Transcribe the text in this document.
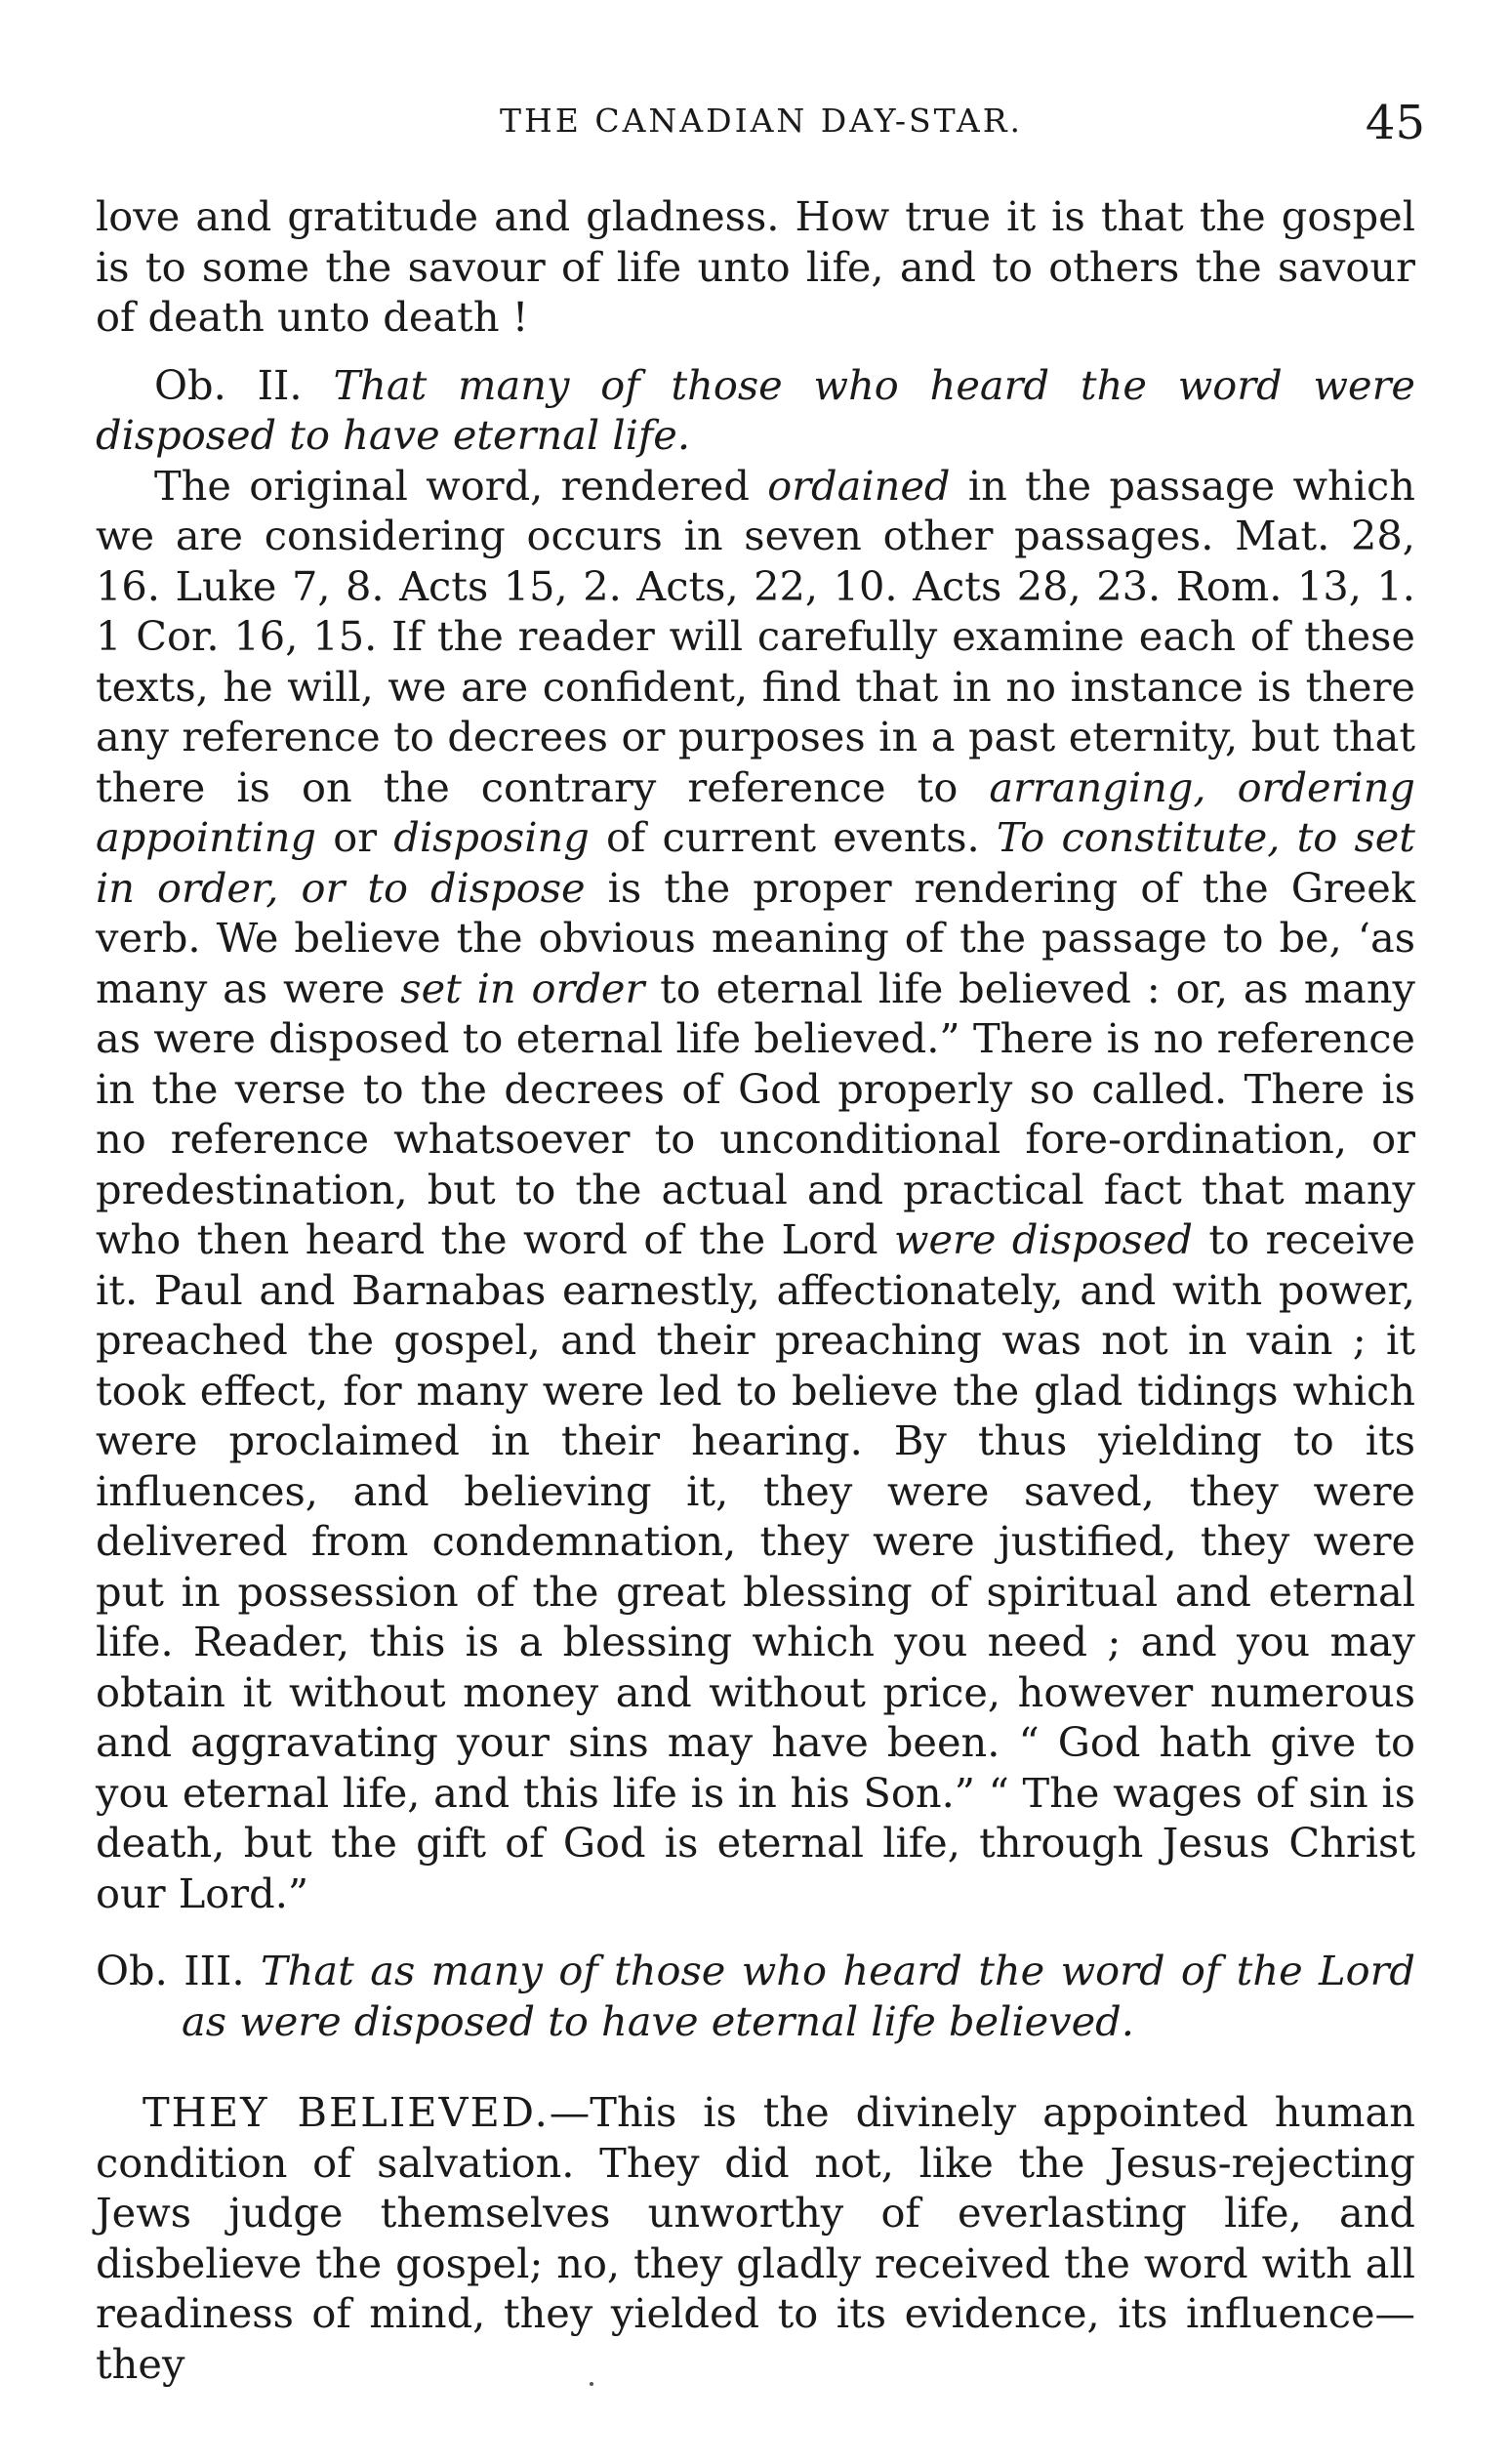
THE CANADIAN DAY-STAR.	45

love and gratitude and gladness. How true it is that the gospel is to some the savour of life unto life, and to others the savour of death unto death !

Ob. II. That many of those who heard the word were disposed to have eternal life.

The original word, rendered ordained in the passage which we are considering occurs in seven other passages. Mat. 28, 16. Luke 7, 8. Acts 15, 2. Acts, 22, 10. Acts 28, 23. Rom. 13, 1. 1 Cor. 16, 15. If the reader will carefully examine each of these texts, he will, we are confident, find that in no instance is there any reference to decrees or purposes in a past eternity, but that there is on the contrary reference to arranging, ordering appointing or disposing of current events. To constitute, to set in order, or to dispose is the proper rendering of the Greek verb. We believe the obvious meaning of the passage to be, ‘as many as were set in order to eternal life believed : or, as many as were disposed to eternal life believed.” There is no reference in the verse to the decrees of God properly so called. There is no reference whatsoever to unconditional fore-ordination, or predestination, but to the actual and practical fact that many who then heard the word of the Lord were disposed to receive it. Paul and Barnabas earnestly, affectionately, and with power, preached the gospel, and their preaching was not in vain ; it took effect, for many were led to believe the glad tidings which were proclaimed in their hearing. By thus yielding to its influences, and believing it, they were saved, they were delivered from condemnation, they were justified, they were put in possession of the great blessing of spiritual and eternal life. Reader, this is a blessing which you need ; and you may obtain it without money and without price, however numerous and aggravating your sins may have been. “ God hath give to you eternal life, and this life is in his Son.” “ The wages of sin is death, but the gift of God is eternal life, through Jesus Christ our Lord.”

Ob. III. That as many of those who heard the word of the Lord as were disposed to have eternal life believed.

THEY BELIEVED.—This is the divinely appointed human condition of salvation. They did not, like the Jesus-rejecting Jews judge themselves unworthy of everlasting life, and disbelieve the gospel; no, they gladly received the word with all readiness of mind, they yielded to its evidence, its influence—they
